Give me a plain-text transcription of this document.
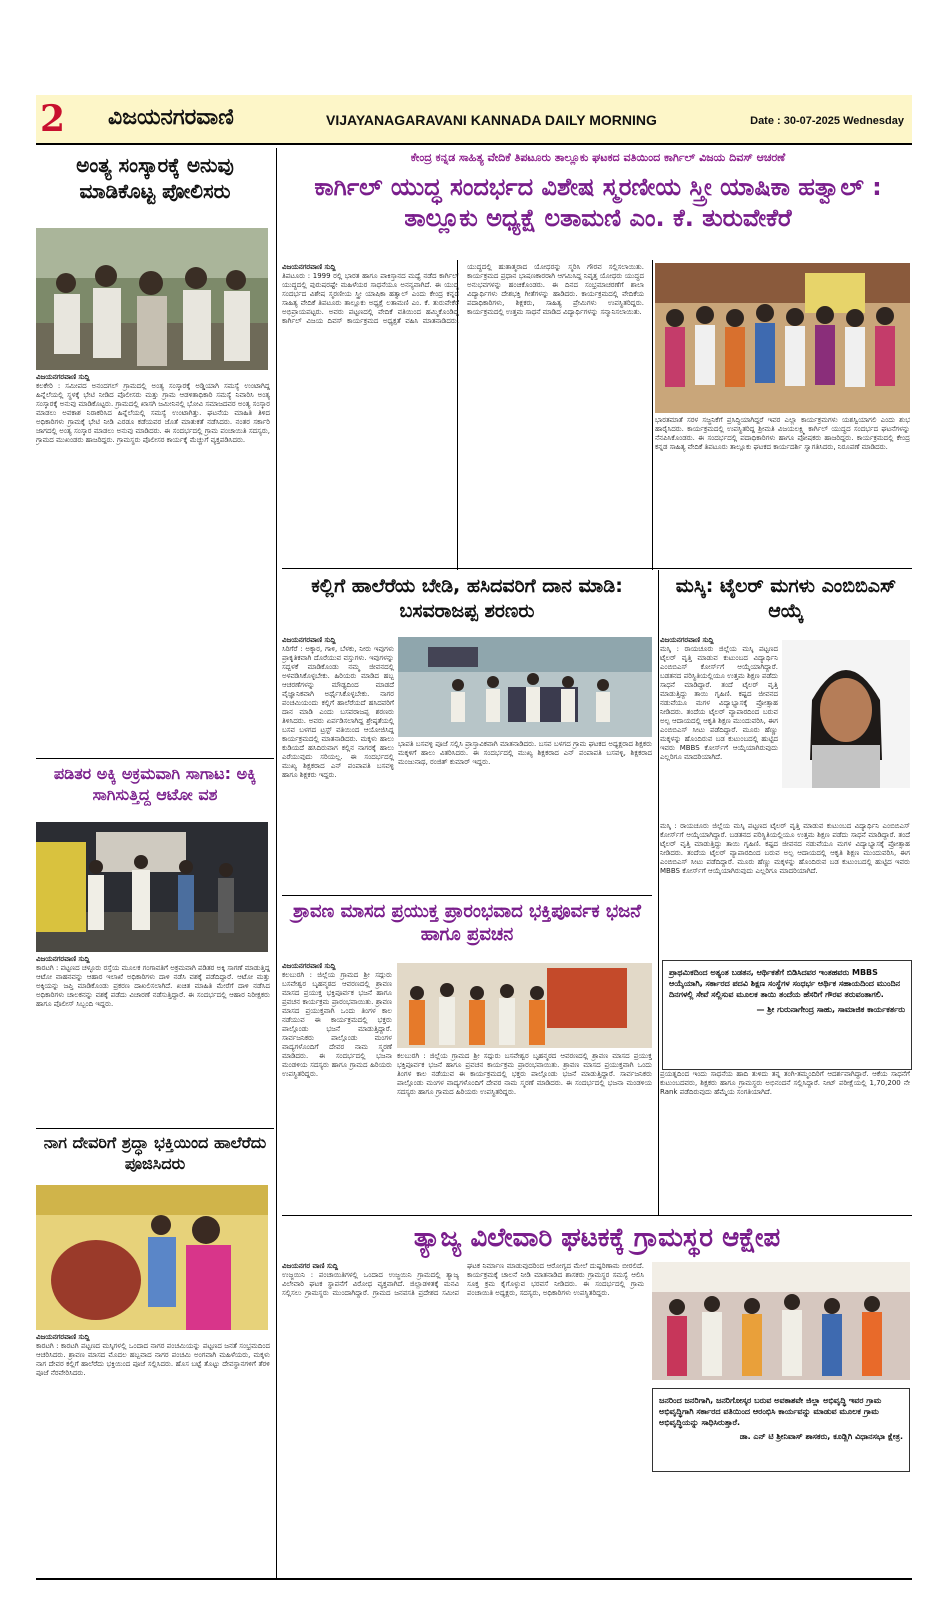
2 ವಿಜಯನಗರವಾಣಿ	VIJAYANAGARAVANI KANNADA DAILY MORNING	Date : 30-07-2025 Wednesday
ಅಂತ್ಯ ಸಂಸ್ಕಾರಕ್ಕೆ ಅನುವು ಮಾಡಿಕೊಟ್ಟ ಪೋಲಿಸರು
ವಿಜಯನಗರವಾಣಿ ಸುದ್ದಿ
ಕಲಕೇರಿ : ಸಮೀಪದ ಅನಂದಗಲ್ ಗ್ರಾಮದಲ್ಲಿ ಅಂತ್ಯ ಸಂಸ್ಕಾರಕ್ಕೆ ಅಡ್ಡಿಯಾಗಿ ಸಮಸ್ಯೆ ಉಂಟಾಗಿದ್ದ ಹಿನ್ನೆಲೆಯಲ್ಲಿ ಸ್ಥಳಕ್ಕೆ ಭೇಟಿ ನೀಡಿದ ಪೊಲೀಸರು ಮತ್ತು ಗ್ರಾಮ ಆಡಳಿತಾಧಿಕಾರಿ ಸಮಸ್ಯೆ ನಿವಾರಿಸಿ ಅಂತ್ಯ ಸಂಸ್ಕಾರಕ್ಕೆ ಅನುವು ಮಾಡಿಕೊಟ್ಟರು. ಗ್ರಾಮದಲ್ಲಿ ಖಾಸಗಿ ಜಮೀನಿನಲ್ಲಿ ಭೋವಿ ಸಮಾಜದವರ ಅಂತ್ಯ ಸಂಸ್ಕಾರ ಮಾಡಲು ಅವಕಾಶ ನಿರಾಕರಿಸಿದ ಹಿನ್ನೆಲೆಯಲ್ಲಿ ಸಮಸ್ಯೆ ಉಂಟಾಗಿತ್ತು. ಘಟನೆಯ ಮಾಹಿತಿ ತಿಳಿದ ಅಧಿಕಾರಿಗಳು ಗ್ರಾಮಕ್ಕೆ ಭೇಟಿ ನೀಡಿ ಎರಡೂ ಕಡೆಯವರ ಜೊತೆ ಮಾತುಕತೆ ನಡೆಸಿದರು. ನಂತರ ಸರ್ಕಾರಿ ಜಾಗದಲ್ಲಿ ಅಂತ್ಯ ಸಂಸ್ಕಾರ ಮಾಡಲು ಅನುವು ಮಾಡಿದರು. ಈ ಸಂದರ್ಭದಲ್ಲಿ ಗ್ರಾಮ ಪಂಚಾಯಿತಿ ಸದಸ್ಯರು, ಗ್ರಾಮದ ಮುಖಂಡರು ಹಾಜರಿದ್ದರು. ಗ್ರಾಮಸ್ಥರು ಪೊಲೀಸರ ಕಾರ್ಯಕ್ಕೆ ಮೆಚ್ಚುಗೆ ವ್ಯಕ್ತಪಡಿಸಿದರು.
ಕೇಂದ್ರ ಕನ್ನಡ ಸಾಹಿತ್ಯ ವೇದಿಕೆ ತಿಪಟೂರು ತಾಲ್ಲೂಕು ಘಟಕದ ವತಿಯಿಂದ ಕಾರ್ಗಿಲ್ ವಿಜಯ ದಿವಸ್ ಆಚರಣೆ
ಕಾರ್ಗಿಲ್ ಯುದ್ಧ ಸಂದರ್ಭದ ವಿಶೇಷ ಸ್ಮರಣೀಯ ಸ್ತ್ರೀ ಯಾಷಿಕಾ ಹತ್ವಾಲ್ : ತಾಲ್ಲೂಕು ಅಧ್ಯಕ್ಷೆ ಲತಾಮಣಿ ಎಂ. ಕೆ. ತುರುವೇಕೆರೆ
ವಿಜಯನಗರವಾಣಿ ಸುದ್ದಿ
ತಿಪಟೂರು : 1999 ರಲ್ಲಿ ಭಾರತ ಹಾಗೂ ಪಾಕಿಸ್ತಾನದ ಮಧ್ಯೆ ನಡೆದ ಕಾರ್ಗಿಲ್ ಯುದ್ಧದಲ್ಲಿ ಪುರುಷರಷ್ಟೇ ಮಹಿಳೆಯರ ಸಾಧನೆಯೂ ಅನನ್ಯವಾಗಿದೆ. ಈ ಯುದ್ಧ ಸಂದರ್ಭದ ವಿಶೇಷ ಸ್ಮರಣೀಯ ಸ್ತ್ರೀ ಯಾಷಿಕಾ ಹತ್ವಾಲ್ ಎಂದು ಕೇಂದ್ರ ಕನ್ನಡ ಸಾಹಿತ್ಯ ವೇದಿಕೆ ತಿಪಟೂರು ತಾಲ್ಲೂಕು ಅಧ್ಯಕ್ಷೆ ಲತಾಮಣಿ ಎಂ. ಕೆ. ತುರುವೇಕೆರೆ ಅಭಿಪ್ರಾಯಪಟ್ಟರು. ಅವರು ಪಟ್ಟಣದಲ್ಲಿ ವೇದಿಕೆ ವತಿಯಿಂದ ಹಮ್ಮಿಕೊಂಡಿದ್ದ ಕಾರ್ಗಿಲ್ ವಿಜಯ ದಿವಸ್ ಕಾರ್ಯಕ್ರಮದ ಅಧ್ಯಕ್ಷತೆ ವಹಿಸಿ ಮಾತನಾಡಿದರು. ಯುದ್ಧದಲ್ಲಿ ಹುತಾತ್ಮರಾದ ಯೋಧರನ್ನು ಸ್ಮರಿಸಿ ಗೌರವ ಸಲ್ಲಿಸಲಾಯಿತು. ಕಾರ್ಯಕ್ರಮದ ಪ್ರಧಾನ ಭಾಷಣಕಾರರಾಗಿ ಆಗಮಿಸಿದ್ದ ನಿವೃತ್ತ ಯೋಧರು ಯುದ್ಧದ ಅನುಭವಗಳನ್ನು ಹಂಚಿಕೊಂಡರು. ಈ ದಿನದ ಸಂಭ್ರಮಾಚರಣೆಗೆ ಶಾಲಾ ವಿದ್ಯಾರ್ಥಿಗಳು ದೇಶಭಕ್ತಿ ಗೀತೆಗಳನ್ನು ಹಾಡಿದರು. ಕಾರ್ಯಕ್ರಮದಲ್ಲಿ ವೇದಿಕೆಯ ಪದಾಧಿಕಾರಿಗಳು, ಶಿಕ್ಷಕರು, ಸಾಹಿತ್ಯ ಪ್ರೇಮಿಗಳು ಉಪಸ್ಥಿತರಿದ್ದರು. ಕಾರ್ಯಕ್ರಮದಲ್ಲಿ ಉತ್ತಮ ಸಾಧನೆ ಮಾಡಿದ ವಿದ್ಯಾರ್ಥಿಗಳನ್ನು ಸನ್ಮಾನಿಸಲಾಯಿತು.
ಭಾರತಮಾತೆ ಸರಳ ಸಜ್ಜನಿಕೆಗೆ ಪ್ರಸಿದ್ಧಿಯಾಗಿದ್ದರೆ ಇವರ ಎಲ್ಲಾ ಕಾರ್ಯಕ್ರಮಗಳು ಯಶಸ್ವಿಯಾಗಲಿ ಎಂದು ಶುಭ ಹಾರೈಸಿದರು. ಕಾರ್ಯಕ್ರಮದಲ್ಲಿ ಉಪಸ್ಥಿತರಿದ್ದ ಶ್ರೀಮತಿ ವಿಜಯಲಕ್ಷ್ಮಿ ಕಾರ್ಗಿಲ್ ಯುದ್ಧದ ಸಂದರ್ಭದ ಘಟನೆಗಳನ್ನು ನೆನಪಿಸಿಕೊಂಡರು. ಈ ಸಂದರ್ಭದಲ್ಲಿ ಪದಾಧಿಕಾರಿಗಳು ಹಾಗೂ ಪೋಷಕರು ಹಾಜರಿದ್ದರು. ಕಾರ್ಯಕ್ರಮದಲ್ಲಿ ಕೇಂದ್ರ ಕನ್ನಡ ಸಾಹಿತ್ಯ ವೇದಿಕೆ ತಿಪಟೂರು ತಾಲ್ಲೂಕು ಘಟಕದ ಕಾರ್ಯದರ್ಶಿ ಸ್ವಾಗತಿಸಿದರು, ನಿರೂಪಣೆ ಮಾಡಿದರು.
ಕಲ್ಲಿಗೆ ಹಾಲೆರೆಯ ಬೇಡಿ, ಹಸಿದವರಿಗೆ ದಾನ ಮಾಡಿ: ಬಸವರಾಜಪ್ಪ ಶರಣರು
ವಿಜಯನಗರವಾಣಿ ಸುದ್ದಿ
ಸಿರಿಗೆರೆ : ಅಕ್ಕಾರ, ಗಾಳಿ, ಬೆಳಕು, ನೀರು ಇವುಗಳು ಪ್ರಾಕೃತಿಕವಾಗಿ ದೊರೆಯುವ ವಸ್ತುಗಳು. ಇವುಗಳನ್ನು ಸದ್ಬಳಕೆ ಮಾಡಿಕೊಂಡು ನಮ್ಮ ಜೀವನದಲ್ಲಿ ಅಳವಡಿಸಿಕೊಳ್ಳಬೇಕು. ಹಿರಿಯರು ಮಾಡಿದ ಹಬ್ಬ ಆಚರಣೆಗಳನ್ನು ಮೌಢ್ಯದಿಂದ ಮಾಡದೆ ವೈಜ್ಞಾನಿಕವಾಗಿ ಅರ್ಥೈಸಿಕೊಳ್ಳಬೇಕು. ನಾಗರ ಪಂಚಮಿಯಂದು ಕಲ್ಲಿಗೆ ಹಾಲೆರೆಯದೆ ಹಸಿದವರಿಗೆ ದಾನ ಮಾಡಿ ಎಂದು ಬಸವರಾಜಪ್ಪ ಶರಣರು ತಿಳಿಸಿದರು. ಅವರು ಏರ್ಪಡಿಸಲಾಗಿದ್ದ ಶ್ರೇಷ್ಠತೆಯಲ್ಲಿ ಬಸವ ಬಳಗದ ಟ್ರಸ್ಟ್ ವತಿಯಿಂದ ಆಯೋಜಿಸಿದ್ದ ಕಾರ್ಯಕ್ರಮದಲ್ಲಿ ಮಾತನಾಡಿದರು. ಮಕ್ಕಳು ಹಾಲು ಕುಡಿಯದೆ ಹಸಿದಿರುವಾಗ ಕಲ್ಲಿನ ನಾಗರಕ್ಕೆ ಹಾಲು ಎರೆಯುವುದು ಸರಿಯಲ್ಲ. ಈ ಸಂದರ್ಭದಲ್ಲಿ ಮುಖ್ಯ ಶಿಕ್ಷಕರಾದ ಎನ್ ಪಂಪಾಪತಿ ಬಸವಳ್ಳಿ ಹಾಗೂ ಶಿಕ್ಷಕರು ಇದ್ದರು.
ಭಾಪತಿ ಬಸವಳ್ಳಿ ಪೂಜೆ ಸಲ್ಲಿಸಿ ಪ್ರಾಸ್ತಾವಿಕವಾಗಿ ಮಾತನಾಡಿದರು. ಬಸವ ಬಳಗದ ಗ್ರಾಮ ಘಟಕದ ಅಧ್ಯಕ್ಷರಾದ ಶಿಕ್ಷಕರು ಮಕ್ಕಳಿಗೆ ಹಾಲು ವಿತರಿಸಿದರು. ಈ ಸಂದರ್ಭದಲ್ಲಿ ಮುಖ್ಯ ಶಿಕ್ಷಕರಾದ ಎನ್ ಪಂಪಾಪತಿ ಬಸವಳ್ಳಿ, ಶಿಕ್ಷಕರಾದ ಮಂಜುನಾಥ, ರಂಜಿತ್ ಕುಮಾರ್ ಇದ್ದರು.
ಮಸ್ಕಿ: ಟೈಲರ್ ಮಗಳು ಎಂಬಿಬಿಎಸ್ ಆಯ್ಕೆ
ವಿಜಯನಗರವಾಣಿ ಸುದ್ದಿ
ಮಸ್ಕಿ : ರಾಯಚೂರು ಜಿಲ್ಲೆಯ ಮಸ್ಕಿ ಪಟ್ಟಣದ ಟೈಲರ್ ವೃತ್ತಿ ಮಾಡುವ ಕುಟುಂಬದ ವಿದ್ಯಾರ್ಥಿನಿ ಎಂಬಿಬಿಎಸ್ ಕೋರ್ಸ್‌ಗೆ ಆಯ್ಕೆಯಾಗಿದ್ದಾರೆ. ಬಡತನದ ಪರಿಸ್ಥಿತಿಯಲ್ಲಿಯೂ ಉತ್ತಮ ಶಿಕ್ಷಣ ಪಡೆದು ಸಾಧನೆ ಮಾಡಿದ್ದಾರೆ. ತಂದೆ ಟೈಲರ್ ವೃತ್ತಿ ಮಾಡುತ್ತಿದ್ದು ತಾಯಿ ಗೃಹಿಣಿ. ಕಷ್ಟದ ಜೀವನದ ನಡುವೆಯೂ ಮಗಳ ವಿದ್ಯಾಭ್ಯಾಸಕ್ಕೆ ಪ್ರೋತ್ಸಾಹ ನೀಡಿದರು. ತಂದೆಯ ಟೈಲರ್ ವ್ಯಾಪಾರದಿಂದ ಬರುವ ಅಲ್ಪ ಆದಾಯದಲ್ಲಿ ಆಕೃತಿ ಶಿಕ್ಷಣ ಮುಂದುವರಿಸಿ, ಈಗ ಎಂಬಿಬಿಎಸ್ ಸೀಟು ಪಡೆದಿದ್ದಾರೆ. ಮೂರು ಹೆಣ್ಣು ಮಕ್ಕಳನ್ನು ಹೊಂದಿರುವ ಬಡ ಕುಟುಂಬದಲ್ಲಿ ಹುಟ್ಟಿದ ಇವರು MBBS ಕೋರ್ಸ್‌ಗೆ ಆಯ್ಕೆಯಾಗಿರುವುದು ಎಲ್ಲರಿಗೂ ಮಾದರಿಯಾಗಿದೆ.
ಪ್ರಾಥಮಿಕದಿಂದ ಅತ್ಯಂತ ಬಡತನ, ಆರ್ಥಿಕತೆಗೆ ಬಿಡಿಸಿದವರ ಇಂತಹವರು MBBS ಆಯ್ಕೆಯಾಗಿ, ಸರ್ಕಾರದ ಪದವಿ ಶಿಕ್ಷಣ ಸಂಸ್ಥೆಗಳ ಸಂಧರ್ಭ ಆರ್ಥಿಕ ಸಹಾಯದಿಂದ ಮುಂದಿನ ದಿನಗಳಲ್ಲಿ ಸೇವೆ ಸಲ್ಲಿಸುವ ಮೂಲಕ ತಾಯಿ ತಂದೆಯ ಹೆಸರಿಗೆ ಗೌರವ ತರುವಂತಾಗಲಿ.
— ಶ್ರೀ ಗುರುನಾಗೇಂದ್ರ ಸಾಹು, ಸಾಮಾಜಿಕ ಕಾರ್ಯಕರ್ತರು
ಮಸ್ಕಿ : ರಾಯಚೂರು ಜಿಲ್ಲೆಯ ಮಸ್ಕಿ ಪಟ್ಟಣದ ಟೈಲರ್ ವೃತ್ತಿ ಮಾಡುವ ಕುಟುಂಬದ ವಿದ್ಯಾರ್ಥಿನಿ ಎಂಬಿಬಿಎಸ್ ಕೋರ್ಸ್‌ಗೆ ಆಯ್ಕೆಯಾಗಿದ್ದಾರೆ. ಬಡತನದ ಪರಿಸ್ಥಿತಿಯಲ್ಲಿಯೂ ಉತ್ತಮ ಶಿಕ್ಷಣ ಪಡೆದು ಸಾಧನೆ ಮಾಡಿದ್ದಾರೆ. ತಂದೆ ಟೈಲರ್ ವೃತ್ತಿ ಮಾಡುತ್ತಿದ್ದು ತಾಯಿ ಗೃಹಿಣಿ. ಕಷ್ಟದ ಜೀವನದ ನಡುವೆಯೂ ಮಗಳ ವಿದ್ಯಾಭ್ಯಾಸಕ್ಕೆ ಪ್ರೋತ್ಸಾಹ ನೀಡಿದರು. ತಂದೆಯ ಟೈಲರ್ ವ್ಯಾಪಾರದಿಂದ ಬರುವ ಅಲ್ಪ ಆದಾಯದಲ್ಲಿ ಆಕೃತಿ ಶಿಕ್ಷಣ ಮುಂದುವರಿಸಿ, ಈಗ ಎಂಬಿಬಿಎಸ್ ಸೀಟು ಪಡೆದಿದ್ದಾರೆ. ಮೂರು ಹೆಣ್ಣು ಮಕ್ಕಳನ್ನು ಹೊಂದಿರುವ ಬಡ ಕುಟುಂಬದಲ್ಲಿ ಹುಟ್ಟಿದ ಇವರು MBBS ಕೋರ್ಸ್‌ಗೆ ಆಯ್ಕೆಯಾಗಿರುವುದು ಎಲ್ಲರಿಗೂ ಮಾದರಿಯಾಗಿದೆ.
ಪ್ರಯತ್ನದಿಂದ ಇಂದು ಸಾಧನೆಯ ಹಾದಿ ತುಳಿದು ತನ್ನ ತಂಗಿ-ತಮ್ಮಂದಿರಿಗೆ ಆದರ್ಶವಾಗಿದ್ದಾರೆ. ಆಕೆಯ ಸಾಧನೆಗೆ ಕುಟುಂಬದವರು, ಶಿಕ್ಷಕರು ಹಾಗೂ ಗ್ರಾಮಸ್ಥರು ಅಭಿನಂದನೆ ಸಲ್ಲಿಸಿದ್ದಾರೆ. ನೀಟ್ ಪರೀಕ್ಷೆಯಲ್ಲಿ 1,70,200 ನೇ Rank ಪಡೆದಿರುವುದು ಹೆಮ್ಮೆಯ ಸಂಗತಿಯಾಗಿದೆ.
ಪಡಿತರ ಅಕ್ಕಿ ಅಕ್ರಮವಾಗಿ ಸಾಗಾಟ: ಅಕ್ಕಿ ಸಾಗಿಸುತ್ತಿದ್ದ ಆಟೋ ವಶ
ವಿಜಯನಗರವಾಣಿ ಸುದ್ದಿ
ಕಾರಟಗಿ : ಪಟ್ಟಣದ ಚಳ್ಳೂರು ರಸ್ತೆಯ ಮೂಲಕ ಗಂಗಾವತಿಗೆ ಅಕ್ರಮವಾಗಿ ಪಡಿತರ ಅಕ್ಕಿ ಸಾಗಣೆ ಮಾಡುತ್ತಿದ್ದ ಆಟೋ ವಾಹನವನ್ನು ಆಹಾರ ಇಲಾಖೆ ಅಧಿಕಾರಿಗಳು ದಾಳಿ ನಡೆಸಿ ವಶಕ್ಕೆ ಪಡೆದಿದ್ದಾರೆ. ಆಟೋ ಮತ್ತು ಅಕ್ಕಿಯನ್ನು ಜಪ್ತಿ ಮಾಡಿಕೊಂಡು ಪ್ರಕರಣ ದಾಖಲಿಸಲಾಗಿದೆ. ಖಚಿತ ಮಾಹಿತಿ ಮೇರೆಗೆ ದಾಳಿ ನಡೆಸಿದ ಅಧಿಕಾರಿಗಳು ಚಾಲಕನನ್ನು ವಶಕ್ಕೆ ಪಡೆದು ವಿಚಾರಣೆ ನಡೆಸುತ್ತಿದ್ದಾರೆ. ಈ ಸಂದರ್ಭದಲ್ಲಿ ಆಹಾರ ನಿರೀಕ್ಷಕರು ಹಾಗೂ ಪೊಲೀಸ್ ಸಿಬ್ಬಂದಿ ಇದ್ದರು.
ಶ್ರಾವಣ ಮಾಸದ ಪ್ರಯುಕ್ತ ಪ್ರಾರಂಭವಾದ ಭಕ್ತಿಪೂರ್ವಕ ಭಜನೆ ಹಾಗೂ ಪ್ರವಚನ
ವಿಜಯನಗರವಾಣಿ ಸುದ್ದಿ
ಕಲಬುರಗಿ : ಜಿಲ್ಲೆಯ ಗ್ರಾಮದ ಶ್ರೀ ಸದ್ಗುರು ಬಸವೇಶ್ವರ ಬೃಹನ್ಮಠದ ಆವರಣದಲ್ಲಿ ಶ್ರಾವಣ ಮಾಸದ ಪ್ರಯುಕ್ತ ಭಕ್ತಿಪೂರ್ವಕ ಭಜನೆ ಹಾಗೂ ಪ್ರವಚನ ಕಾರ್ಯಕ್ರಮ ಪ್ರಾರಂಭವಾಯಿತು. ಶ್ರಾವಣ ಮಾಸದ ಪ್ರಯುಕ್ತವಾಗಿ ಒಂದು ತಿಂಗಳ ಕಾಲ ನಡೆಯುವ ಈ ಕಾರ್ಯಕ್ರಮದಲ್ಲಿ ಭಕ್ತರು ಪಾಲ್ಗೊಂಡು ಭಜನೆ ಮಾಡುತ್ತಿದ್ದಾರೆ. ಸಾರ್ವಜನಿಕರು ಪಾಲ್ಗೊಂಡು ಮಂಗಳ ವಾದ್ಯಗಳೊಂದಿಗೆ ದೇವರ ನಾಮ ಸ್ಮರಣೆ ಮಾಡಿದರು. ಈ ಸಂದರ್ಭದಲ್ಲಿ ಭಜನಾ ಮಂಡಳಿಯ ಸದಸ್ಯರು ಹಾಗೂ ಗ್ರಾಮದ ಹಿರಿಯರು ಉಪಸ್ಥಿತರಿದ್ದರು.
ಕಲಬುರಗಿ : ಜಿಲ್ಲೆಯ ಗ್ರಾಮದ ಶ್ರೀ ಸದ್ಗುರು ಬಸವೇಶ್ವರ ಬೃಹನ್ಮಠದ ಆವರಣದಲ್ಲಿ ಶ್ರಾವಣ ಮಾಸದ ಪ್ರಯುಕ್ತ ಭಕ್ತಿಪೂರ್ವಕ ಭಜನೆ ಹಾಗೂ ಪ್ರವಚನ ಕಾರ್ಯಕ್ರಮ ಪ್ರಾರಂಭವಾಯಿತು. ಶ್ರಾವಣ ಮಾಸದ ಪ್ರಯುಕ್ತವಾಗಿ ಒಂದು ತಿಂಗಳ ಕಾಲ ನಡೆಯುವ ಈ ಕಾರ್ಯಕ್ರಮದಲ್ಲಿ ಭಕ್ತರು ಪಾಲ್ಗೊಂಡು ಭಜನೆ ಮಾಡುತ್ತಿದ್ದಾರೆ. ಸಾರ್ವಜನಿಕರು ಪಾಲ್ಗೊಂಡು ಮಂಗಳ ವಾದ್ಯಗಳೊಂದಿಗೆ ದೇವರ ನಾಮ ಸ್ಮರಣೆ ಮಾಡಿದರು. ಈ ಸಂದರ್ಭದಲ್ಲಿ ಭಜನಾ ಮಂಡಳಿಯ ಸದಸ್ಯರು ಹಾಗೂ ಗ್ರಾಮದ ಹಿರಿಯರು ಉಪಸ್ಥಿತರಿದ್ದರು.
ನಾಗ ದೇವರಿಗೆ ಶ್ರದ್ಧಾ ಭಕ್ತಿಯಿಂದ ಹಾಲೆರೆದು ಪೂಜಿಸಿದರು
ವಿಜಯನಗರವಾಣಿ ಸುದ್ದಿ
ಕಾರಟಗಿ : ಕಾರಟಗಿ ಪಟ್ಟಣದ ಮಸ್ಕಿಗಳಲ್ಲಿ ಒಂದಾದ ನಾಗರ ಪಂಚಮಿಯನ್ನು ಪಟ್ಟಣದ ಜನತೆ ಸಂಭ್ರಮದಿಂದ ಆಚರಿಸಿದರು. ಶ್ರಾವಣ ಮಾಸದ ಮೊದಲ ಹಬ್ಬವಾದ ನಾಗರ ಪಂಚಮಿ ಅಂಗವಾಗಿ ಮಹಿಳೆಯರು, ಮಕ್ಕಳು ನಾಗ ದೇವರ ಕಲ್ಲಿಗೆ ಹಾಲೆರೆದು ಭಕ್ತಿಯಿಂದ ಪೂಜೆ ಸಲ್ಲಿಸಿದರು. ಹೊಸ ಬಟ್ಟೆ ತೊಟ್ಟು ದೇವಸ್ಥಾನಗಳಿಗೆ ತೆರಳಿ ಪೂಜೆ ನೆರವೇರಿಸಿದರು.
ತ್ಯಾಜ್ಯ ವಿಲೇವಾರಿ ಘಟಕಕ್ಕೆ ಗ್ರಾಮಸ್ಥರ ಆಕ್ಷೇಪ
ವಿಜಯನಗರ ವಾಣಿ ಸುದ್ದಿ
ಉಜ್ಜಯಿನಿ : ಪಂಚಾಯಿತಿಗಳಲ್ಲಿ ಒಂದಾದ ಉಜ್ಜಯಿನಿ ಗ್ರಾಮದಲ್ಲಿ ತ್ಯಾಜ್ಯ ವಿಲೇವಾರಿ ಘಟಕ ಸ್ಥಾಪನೆಗೆ ವಿರೋಧ ವ್ಯಕ್ತವಾಗಿದೆ. ಜಿಲ್ಲಾಡಳಿತಕ್ಕೆ ಮನವಿ ಸಲ್ಲಿಸಲು ಗ್ರಾಮಸ್ಥರು ಮುಂದಾಗಿದ್ದಾರೆ. ಗ್ರಾಮದ ಜನವಸತಿ ಪ್ರದೇಶದ ಸಮೀಪ ಘಟಕ ನಿರ್ಮಾಣ ಮಾಡುವುದರಿಂದ ಆರೋಗ್ಯದ ಮೇಲೆ ದುಷ್ಪರಿಣಾಮ ಬೀರಲಿದೆ. ಕಾರ್ಯಕ್ರಮಕ್ಕೆ ಚಾಲನೆ ನೀಡಿ ಮಾತನಾಡಿದ ಶಾಸಕರು ಗ್ರಾಮಸ್ಥರ ಸಮಸ್ಯೆ ಆಲಿಸಿ ಸೂಕ್ತ ಕ್ರಮ ಕೈಗೊಳ್ಳುವ ಭರವಸೆ ನೀಡಿದರು. ಈ ಸಂದರ್ಭದಲ್ಲಿ ಗ್ರಾಮ ಪಂಚಾಯಿತಿ ಅಧ್ಯಕ್ಷರು, ಸದಸ್ಯರು, ಅಧಿಕಾರಿಗಳು ಉಪಸ್ಥಿತರಿದ್ದರು.
ಜನರಿಂದ ಜನರಿಗಾಗಿ, ಜನರಿಗೋಸ್ಕರ ಬರುವ ಅವಕಾಶವೇ ಜಿಲ್ಲಾ ಅಭಿವೃದ್ಧಿ ಇವರ ಗ್ರಾಮ ಅಭಿವೃದ್ಧಿಗಾಗಿ ಸರ್ಕಾರದ ವತಿಯಿಂದ ಆರಂಭಿಸಿ ಕಾರ್ಯವನ್ನು ಮಾಡುವ ಮೂಲಕ ಗ್ರಾಮ ಅಭಿವೃದ್ಧಿಯನ್ನು ಸಾಧಿಸಿರುತ್ತಾರೆ.
ಡಾ. ಎನ್ ಟಿ ಶ್ರೀನಿವಾಸ್ ಶಾಸಕರು, ಕೂಡ್ಲಿಗಿ ವಿಧಾನಸಭಾ ಕ್ಷೇತ್ರ.
